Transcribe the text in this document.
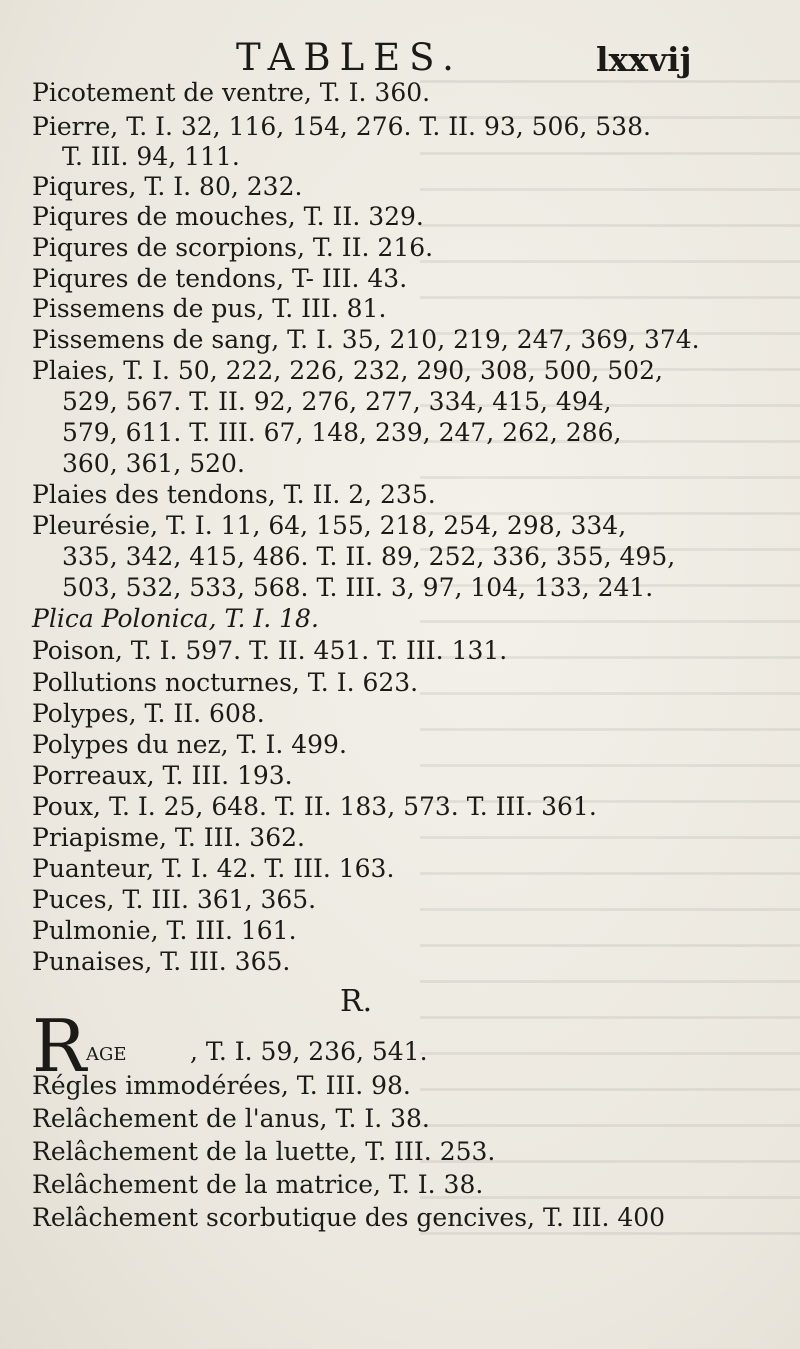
TABLES.	lxxvij
Picotement de ventre, T. I. 360.
Pierre, T. I. 32, 116, 154, 276. T. II. 93, 506, 538.
T. III. 94, 111.
Piqures, T. I. 80, 232.
Piqures de mouches, T. II. 329.
Piqures de scorpions, T. II. 216.
Piqures de tendons, T- III. 43.
Pissemens de pus, T. III. 81.
Pissemens de sang, T. I. 35, 210, 219, 247, 369, 374.
Plaies, T. I. 50, 222, 226, 232, 290, 308, 500, 502,
529, 567. T. II. 92, 276, 277, 334, 415, 494,
579, 611. T. III. 67, 148, 239, 247, 262, 286,
360, 361, 520.
Plaies des tendons, T. II. 2, 235.
Pleurésie, T. I. 11, 64, 155, 218, 254, 298, 334,
335, 342, 415, 486. T. II. 89, 252, 336, 355, 495,
503, 532, 533, 568. T. III. 3, 97, 104, 133, 241.
Plica Polonica, T. I. 18.
Poison, T. I. 597. T. II. 451. T. III. 131.
Pollutions nocturnes, T. I. 623.
Polypes, T. II. 608.
Polypes du nez, T. I. 499.
Porreaux, T. III. 193.
Poux, T. I. 25, 648. T. II. 183, 573. T. III. 361.
Priapisme, T. III. 362.
Puanteur, T. I. 42. T. III. 163.
Puces, T. III. 361, 365.
Pulmonie, T. III. 161.
Punaises, T. III. 365.
R.
R age	, T. I. 59, 236, 541.
Régles immodérées, T. III. 98.
Relâchement de l'anus, T. I. 38.
Relâchement de la luette, T. III. 253.
Relâchement de la matrice, T. I. 38.
Relâchement scorbutique des gencives, T. III. 400
